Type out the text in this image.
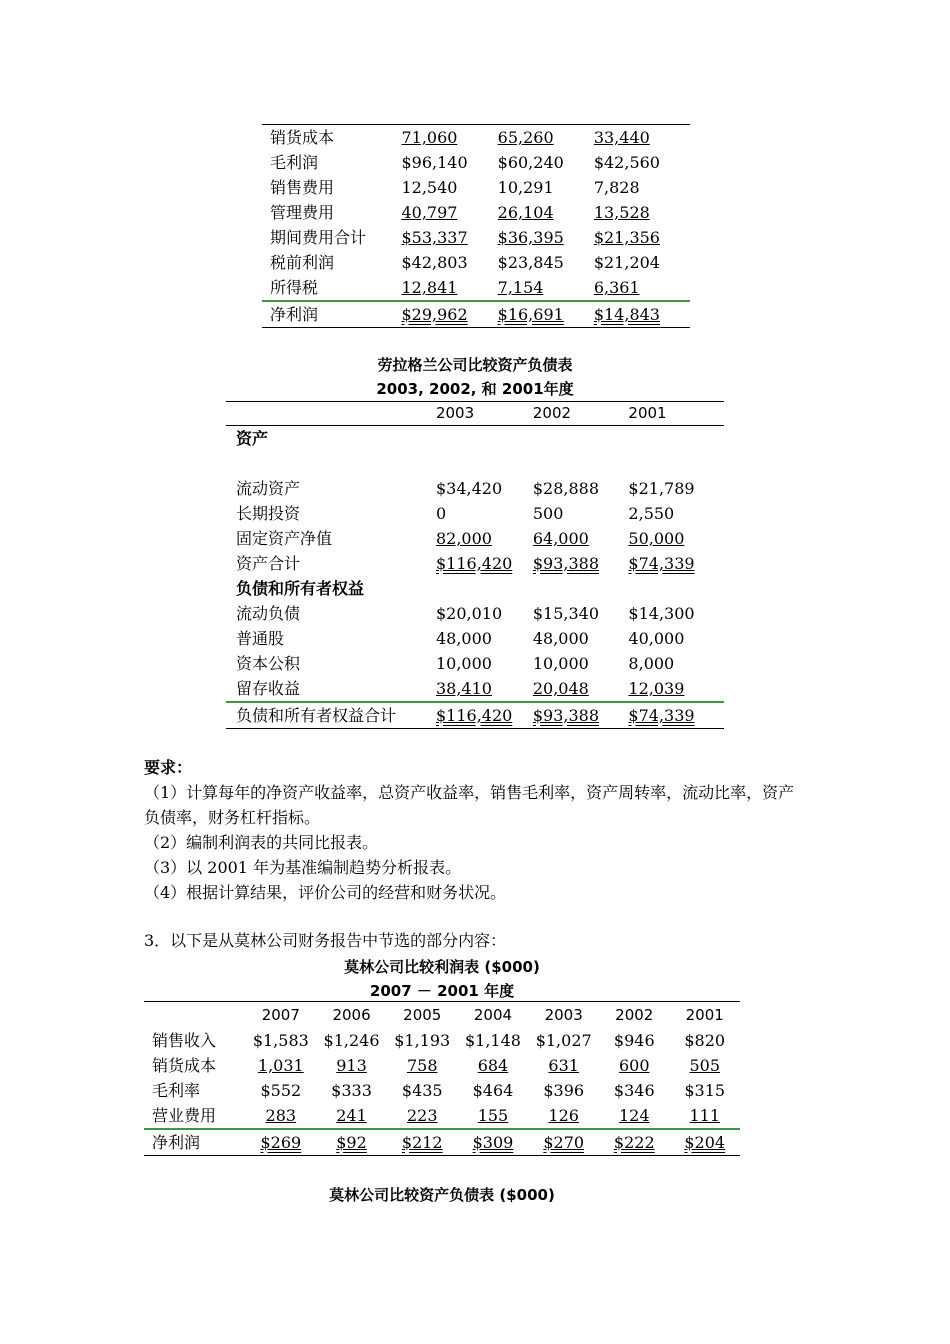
销货成本	71,060	65,260	33,440
毛利润	$96,140	$60,240	$42,560
销售费用	12,540	10,291	7,828
管理费用	40,797	26,104	13,528
期间费用合计	$53,337	$36,395	$21,356
税前利润	$42,803	$23,845	$21,204
所得税	12,841	7,154	6,361
净利润	$29,962	$16,691	$14,843
劳拉格兰公司比较资产负债表
2003, 2002, 和 2001年度
	2003	2002	2001
资产			

流动资产	$34,420	$28,888	$21,789
长期投资	0	500	2,550
固定资产净值	82,000	64,000	50,000
资产合计	$116,420	$93,388	$74,339
负债和所有者权益			
流动负债	$20,010	$15,340	$14,300
普通股	48,000	48,000	40,000
资本公积	10,000	10,000	8,000
留存收益	38,410	20,048	12,039
负债和所有者权益合计	$116,420	$93,388	$74,339
要求：
（1）计算每年的净资产收益率，总资产收益率，销售毛利率，资产周转率，流动比率，资产负债率，财务杠杆指标。
（2）编制利润表的共同比报表。
（3）以 2001 年为基准编制趋势分析报表。
（4）根据计算结果，评价公司的经营和财务状况。
3．以下是从莫林公司财务报告中节选的部分内容：
莫林公司比较利润表 ($000)
2007 － 2001 年度
	2007	2006	2005	2004	2003	2002	2001
销售收入	$1,583	$1,246	$1,193	$1,148	$1,027	$946	$820
销货成本	1,031	913	758	684	631	600	505
毛利率	$552	$333	$435	$464	$396	$346	$315
营业费用	283	241	223	155	126	124	111
净利润	$269	$92	$212	$309	$270	$222	$204
莫林公司比较资产负债表 ($000)
